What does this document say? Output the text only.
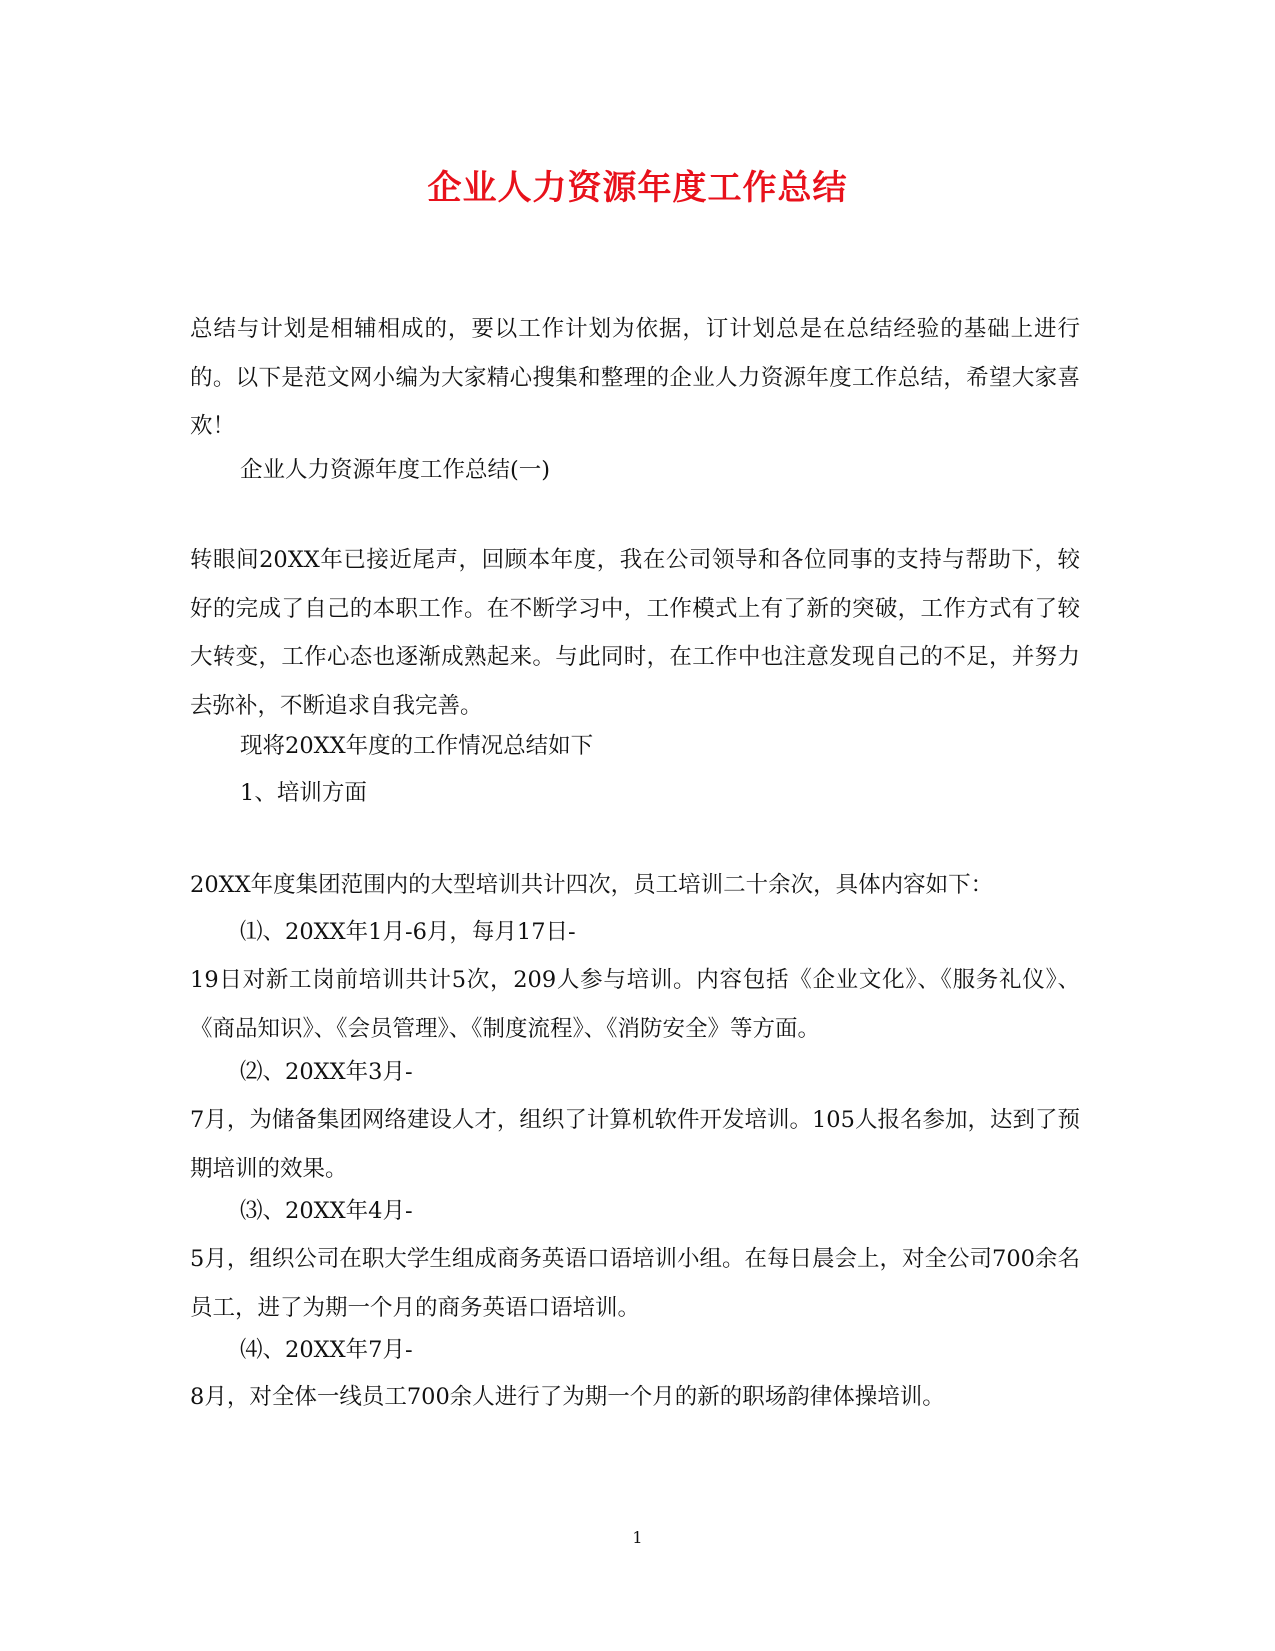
企业人力资源年度工作总结

总结与计划是相辅相成的，要以工作计划为依据，订计划总是在总结经验的基础上进行的。以下是范文网小编为大家精心搜集和整理的企业人力资源年度工作总结，希望大家喜欢！

企业人力资源年度工作总结(一)

转眼间20XX年已接近尾声，回顾本年度，我在公司领导和各位同事的支持与帮助下，较好的完成了自己的本职工作。在不断学习中，工作模式上有了新的突破，工作方式有了较大转变，工作心态也逐渐成熟起来。与此同时，在工作中也注意发现自己的不足，并努力去弥补，不断追求自我完善。

现将20XX年度的工作情况总结如下

1、培训方面

20XX年度集团范围内的大型培训共计四次，员工培训二十余次，具体内容如下：

⑴、20XX年1月-6月，每月17日-

19日对新工岗前培训共计5次，209人参与培训。内容包括《企业文化》、《服务礼仪》、《商品知识》、《会员管理》、《制度流程》、《消防安全》等方面。

⑵、20XX年3月-

7月，为储备集团网络建设人才，组织了计算机软件开发培训。105人报名参加，达到了预期培训的效果。

⑶、20XX年4月-

5月，组织公司在职大学生组成商务英语口语培训小组。在每日晨会上，对全公司700余名员工，进了为期一个月的商务英语口语培训。

⑷、20XX年7月-

8月，对全体一线员工700余人进行了为期一个月的新的职场韵律体操培训。

1
